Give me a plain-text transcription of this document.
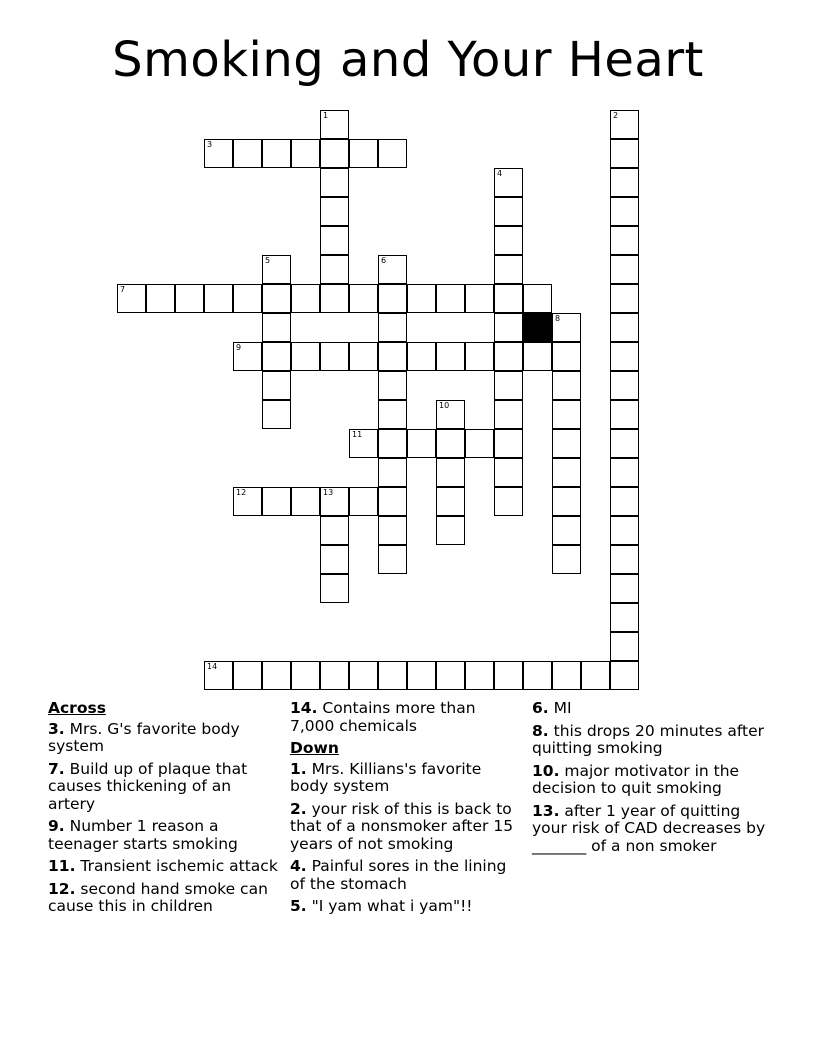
Smoking and Your Heart
1	2
3
4
5	6
7
8
9
10
11
12	13
14
Across
3. Mrs. G's favorite body system
7. Build up of plaque that causes thickening of an artery
9. Number 1 reason a teenager starts smoking
11. Transient ischemic attack
12. second hand smoke can cause this in children
14. Contains more than 7,000 chemicals
Down
1. Mrs. Killians's favorite body system
2. your risk of this is back to that of a nonsmoker after 15 years of not smoking
4. Painful sores in the lining of the stomach
5. "I yam what i yam"!!
6. MI
8. this drops 20 minutes after quitting smoking
10. major motivator in the decision to quit smoking
13. after 1 year of quitting your risk of CAD decreases by _______ of a non smoker
